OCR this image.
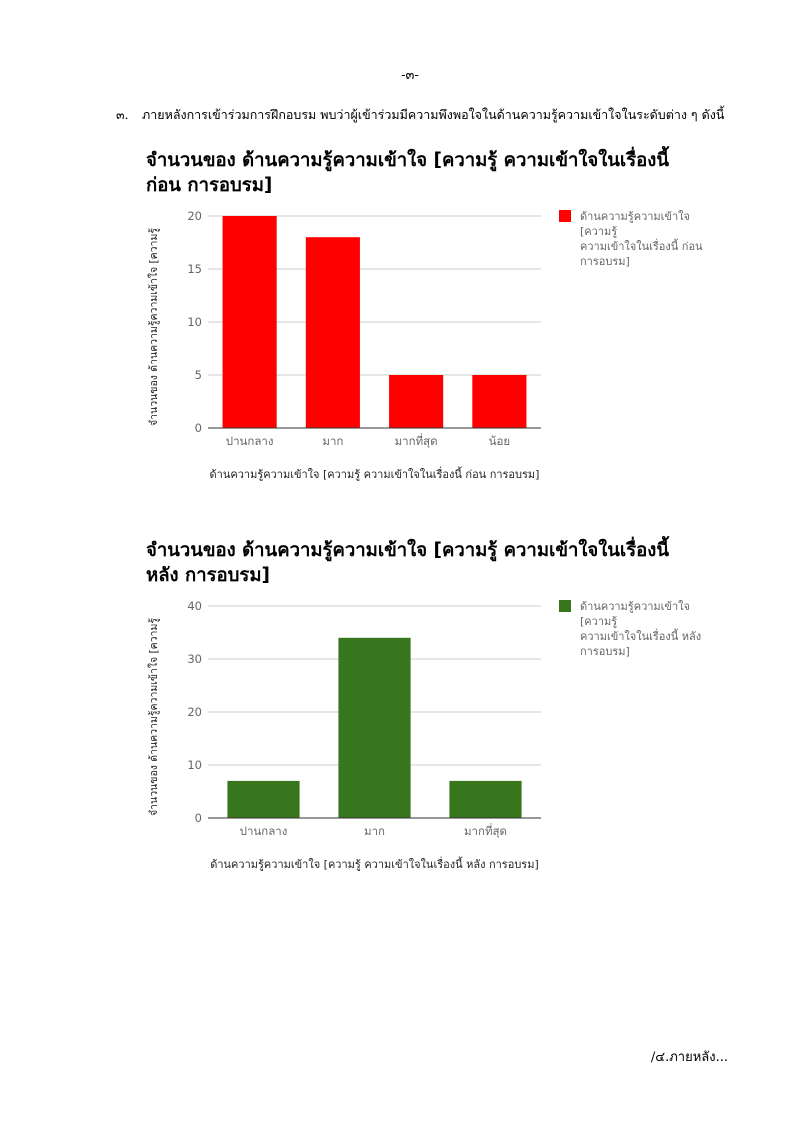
-๓-
๓. ภายหลังการเข้าร่วมการฝึกอบรม พบว่าผู้เข้าร่วมมีความพึงพอใจในด้านความรู้ความเข้าใจในระดับต่าง ๆ ดังนี้
จำนวนของ ด้านความรู้ความเข้าใจ [ความรู้ ความเข้าใจในเรื่องนี้
ก่อน การอบรม]
0
5
10
15
20
ปานกลาง	มาก	มากที่สุด	น้อย
ด้านความรู้ความเข้าใจ [ความรู้ ความเข้าใจในเรื่องนี้ ก่อน การอบรม]
จำนวนของ ด้านความรู้ความเข้าใจ [ความรู้
ด้านความรู้ความเข้าใจ
[ความรู้
ความเข้าใจในเรื่องนี้ ก่อน
การอบรม]
จำนวนของ ด้านความรู้ความเข้าใจ [ความรู้ ความเข้าใจในเรื่องนี้
หลัง การอบรม]
0
10
20
30
40
ปานกลาง	มาก	มากที่สุด
ด้านความรู้ความเข้าใจ [ความรู้ ความเข้าใจในเรื่องนี้ หลัง การอบรม]
จำนวนของ ด้านความรู้ความเข้าใจ [ความรู้
ด้านความรู้ความเข้าใจ
[ความรู้
ความเข้าใจในเรื่องนี้ หลัง
การอบรม]
/๔.ภายหลัง...
